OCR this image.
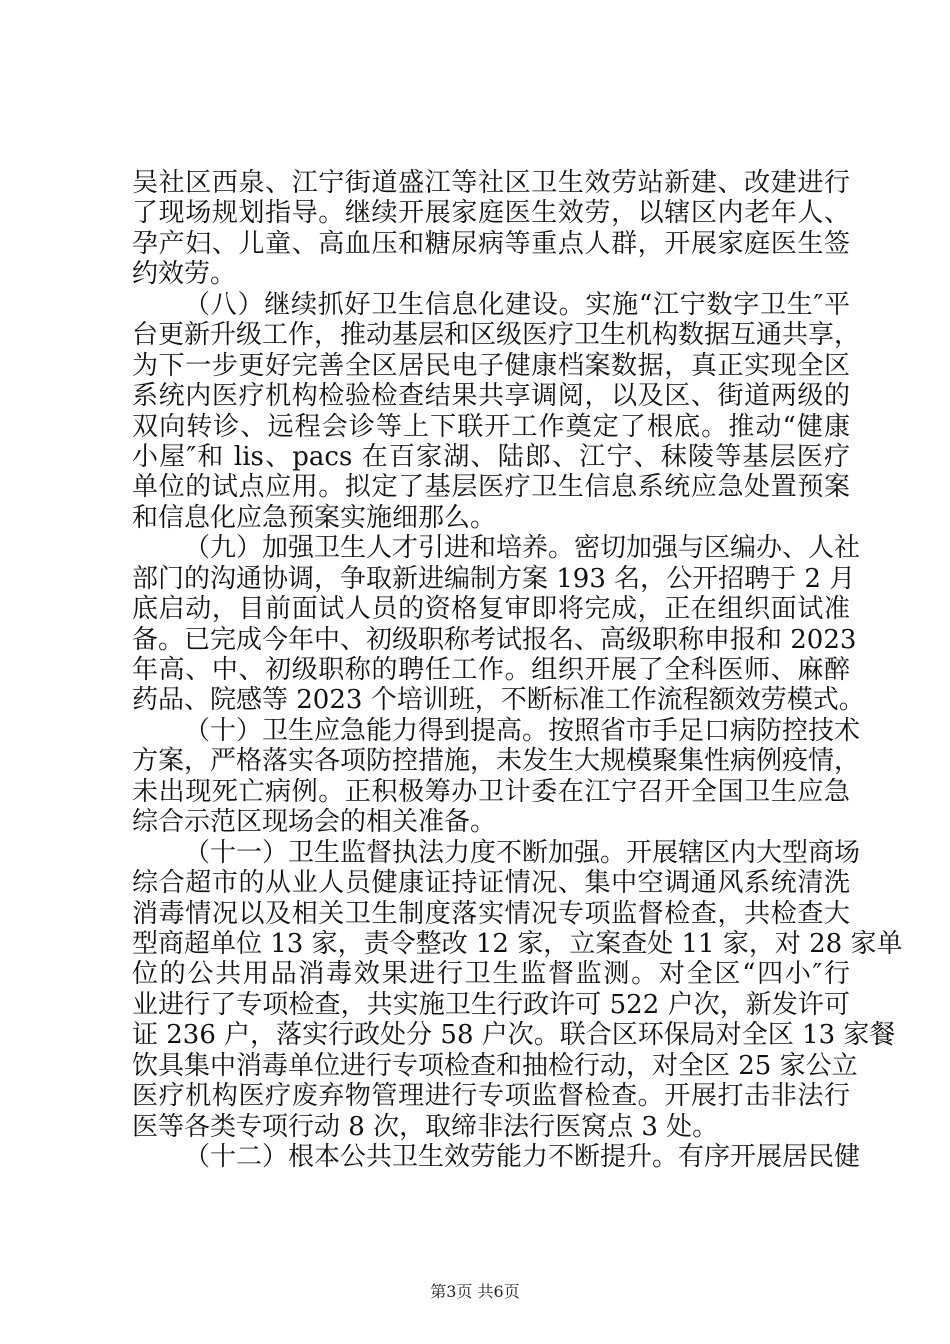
吴社区西泉、江宁街道盛江等社区卫生效劳站新建、改建进行
了现场规划指导。继续开展家庭医生效劳，以辖区内老年人、
孕产妇、儿童、高血压和糖尿病等重点人群，开展家庭医生签
约效劳。
（八）继续抓好卫生信息化建设。实施“江宁数字卫生″平
台更新升级工作，推动基层和区级医疗卫生机构数据互通共享，
为下一步更好完善全区居民电子健康档案数据，真正实现全区
系统内医疗机构检验检查结果共享调阅，以及区、街道两级的
双向转诊、远程会诊等上下联开工作奠定了根底。推动“健康
小屋″和 lis、pacs 在百家湖、陆郎、江宁、秣陵等基层医疗
单位的试点应用。拟定了基层医疗卫生信息系统应急处置预案
和信息化应急预案实施细那么。
（九）加强卫生人才引进和培养。密切加强与区编办、人社
部门的沟通协调，争取新进编制方案 193 名，公开招聘于 2 月
底启动，目前面试人员的资格复审即将完成，正在组织面试准
备。已完成今年中、初级职称考试报名、高级职称申报和 2023
年高、中、初级职称的聘任工作。组织开展了全科医师、麻醉
药品、院感等 2023 个培训班，不断标准工作流程额效劳模式。
（十）卫生应急能力得到提高。按照省市手足口病防控技术
方案，严格落实各项防控措施，未发生大规模聚集性病例疫情，
未出现死亡病例。正积极筹办卫计委在江宁召开全国卫生应急
综合示范区现场会的相关准备。
（十一）卫生监督执法力度不断加强。开展辖区内大型商场
综合超市的从业人员健康证持证情况、集中空调通风系统清洗
消毒情况以及相关卫生制度落实情况专项监督检查，共检查大
型商超单位 13 家，责令整改 12 家，立案查处 11 家，对 28 家单
位的公共用品消毒效果进行卫生监督监测。对全区“四小″行
业进行了专项检查，共实施卫生行政许可 522 户次，新发许可
证 236 户，落实行政处分 58 户次。联合区环保局对全区 13 家餐
饮具集中消毒单位进行专项检查和抽检行动，对全区 25 家公立
医疗机构医疗废弃物管理进行专项监督检查。开展打击非法行
医等各类专项行动 8 次，取缔非法行医窝点 3 处。
（十二）根本公共卫生效劳能力不断提升。有序开展居民健
第3页 共6页
